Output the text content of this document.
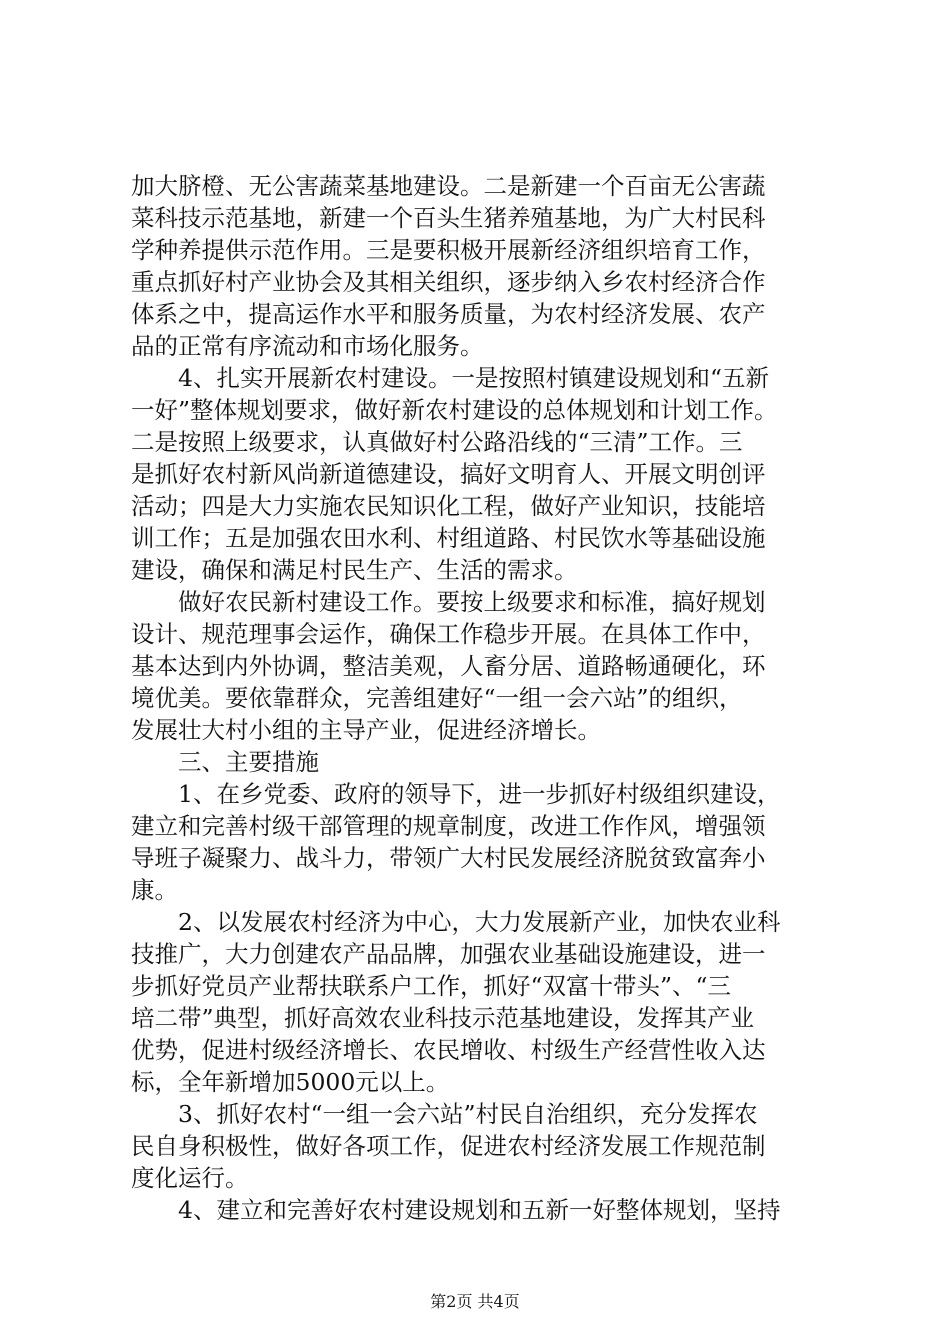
加大脐橙、无公害蔬菜基地建设。二是新建一个百亩无公害蔬
菜科技示范基地，新建一个百头生猪养殖基地，为广大村民科
学种养提供示范作用。三是要积极开展新经济组织培育工作，
重点抓好村产业协会及其相关组织，逐步纳入乡农村经济合作
体系之中，提高运作水平和服务质量，为农村经济发展、农产
品的正常有序流动和市场化服务。
　　4、扎实开展新农村建设。一是按照村镇建设规划和“五新
一好”整体规划要求，做好新农村建设的总体规划和计划工作。
二是按照上级要求，认真做好村公路沿线的“三清”工作。三
是抓好农村新风尚新道德建设，搞好文明育人、开展文明创评
活动；四是大力实施农民知识化工程，做好产业知识，技能培
训工作；五是加强农田水利、村组道路、村民饮水等基础设施
建设，确保和满足村民生产、生活的需求。
　　做好农民新村建设工作。要按上级要求和标准，搞好规划
设计、规范理事会运作，确保工作稳步开展。在具体工作中，
基本达到内外协调，整洁美观，人畜分居、道路畅通硬化，环
境优美。要依靠群众，完善组建好“一组一会六站”的组织，
发展壮大村小组的主导产业，促进经济增长。
　　三、主要措施
　　1、在乡党委、政府的领导下，进一步抓好村级组织建设，
建立和完善村级干部管理的规章制度，改进工作作风，增强领
导班子凝聚力、战斗力，带领广大村民发展经济脱贫致富奔小
康。
　　2、以发展农村经济为中心，大力发展新产业，加快农业科
技推广，大力创建农产品品牌，加强农业基础设施建设，进一
步抓好党员产业帮扶联系户工作，抓好“双富十带头”、“三
培二带”典型，抓好高效农业科技示范基地建设，发挥其产业
优势，促进村级经济增长、农民增收、村级生产经营性收入达
标，全年新增加5000元以上。
　　3、抓好农村“一组一会六站”村民自治组织，充分发挥农
民自身积极性，做好各项工作，促进农村经济发展工作规范制
度化运行。
　　4、建立和完善好农村建设规划和五新一好整体规划，坚持
第2页 共4页
